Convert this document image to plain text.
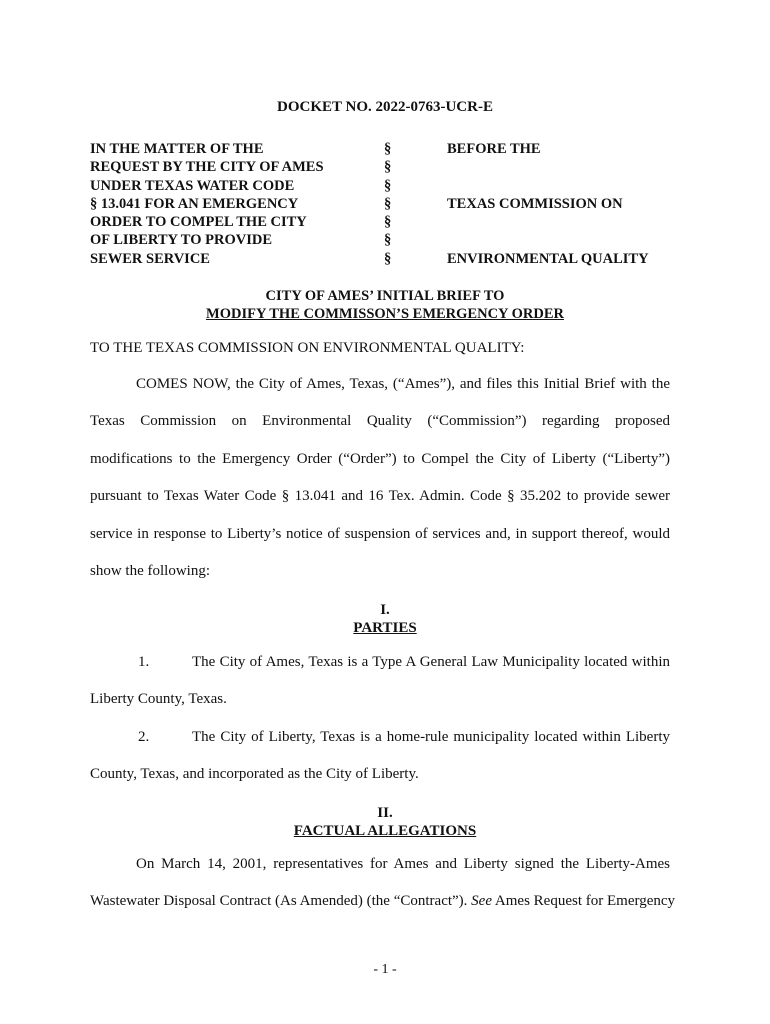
DOCKET NO. 2022-0763-UCR-E
IN THE MATTER OF THE
REQUEST BY THE CITY OF AMES
UNDER TEXAS WATER CODE
§ 13.041 FOR AN EMERGENCY
ORDER TO COMPEL THE CITY
OF LIBERTY TO PROVIDE
SEWER SERVICE
§
§
§
§
§
§
§
BEFORE THE
TEXAS COMMISSION ON
ENVIRONMENTAL QUALITY
CITY OF AMES’ INITIAL BRIEF TO
MODIFY THE COMMISSON’S EMERGENCY ORDER
TO THE TEXAS COMMISSION ON ENVIRONMENTAL QUALITY:
COMES NOW, the City of Ames, Texas, (“Ames”), and files this Initial Brief with the
Texas Commission on Environmental Quality (“Commission”) regarding proposed
modifications to the Emergency Order (“Order”) to Compel the City of Liberty (“Liberty”)
pursuant to Texas Water Code § 13.041 and 16 Tex. Admin. Code § 35.202 to provide sewer
service in response to Liberty’s notice of suspension of services and, in support thereof, would
show the following:
I.
PARTIES
1.	The City of Ames, Texas is a Type A General Law Municipality located within
Liberty County, Texas.
2.	The City of Liberty, Texas is a home-rule municipality located within Liberty
County, Texas, and incorporated as the City of Liberty.
II.
FACTUAL ALLEGATIONS
On March 14, 2001, representatives for Ames and Liberty signed the Liberty-Ames
Wastewater Disposal Contract (As Amended) (the “Contract”). See Ames Request for Emergency
- 1 -
